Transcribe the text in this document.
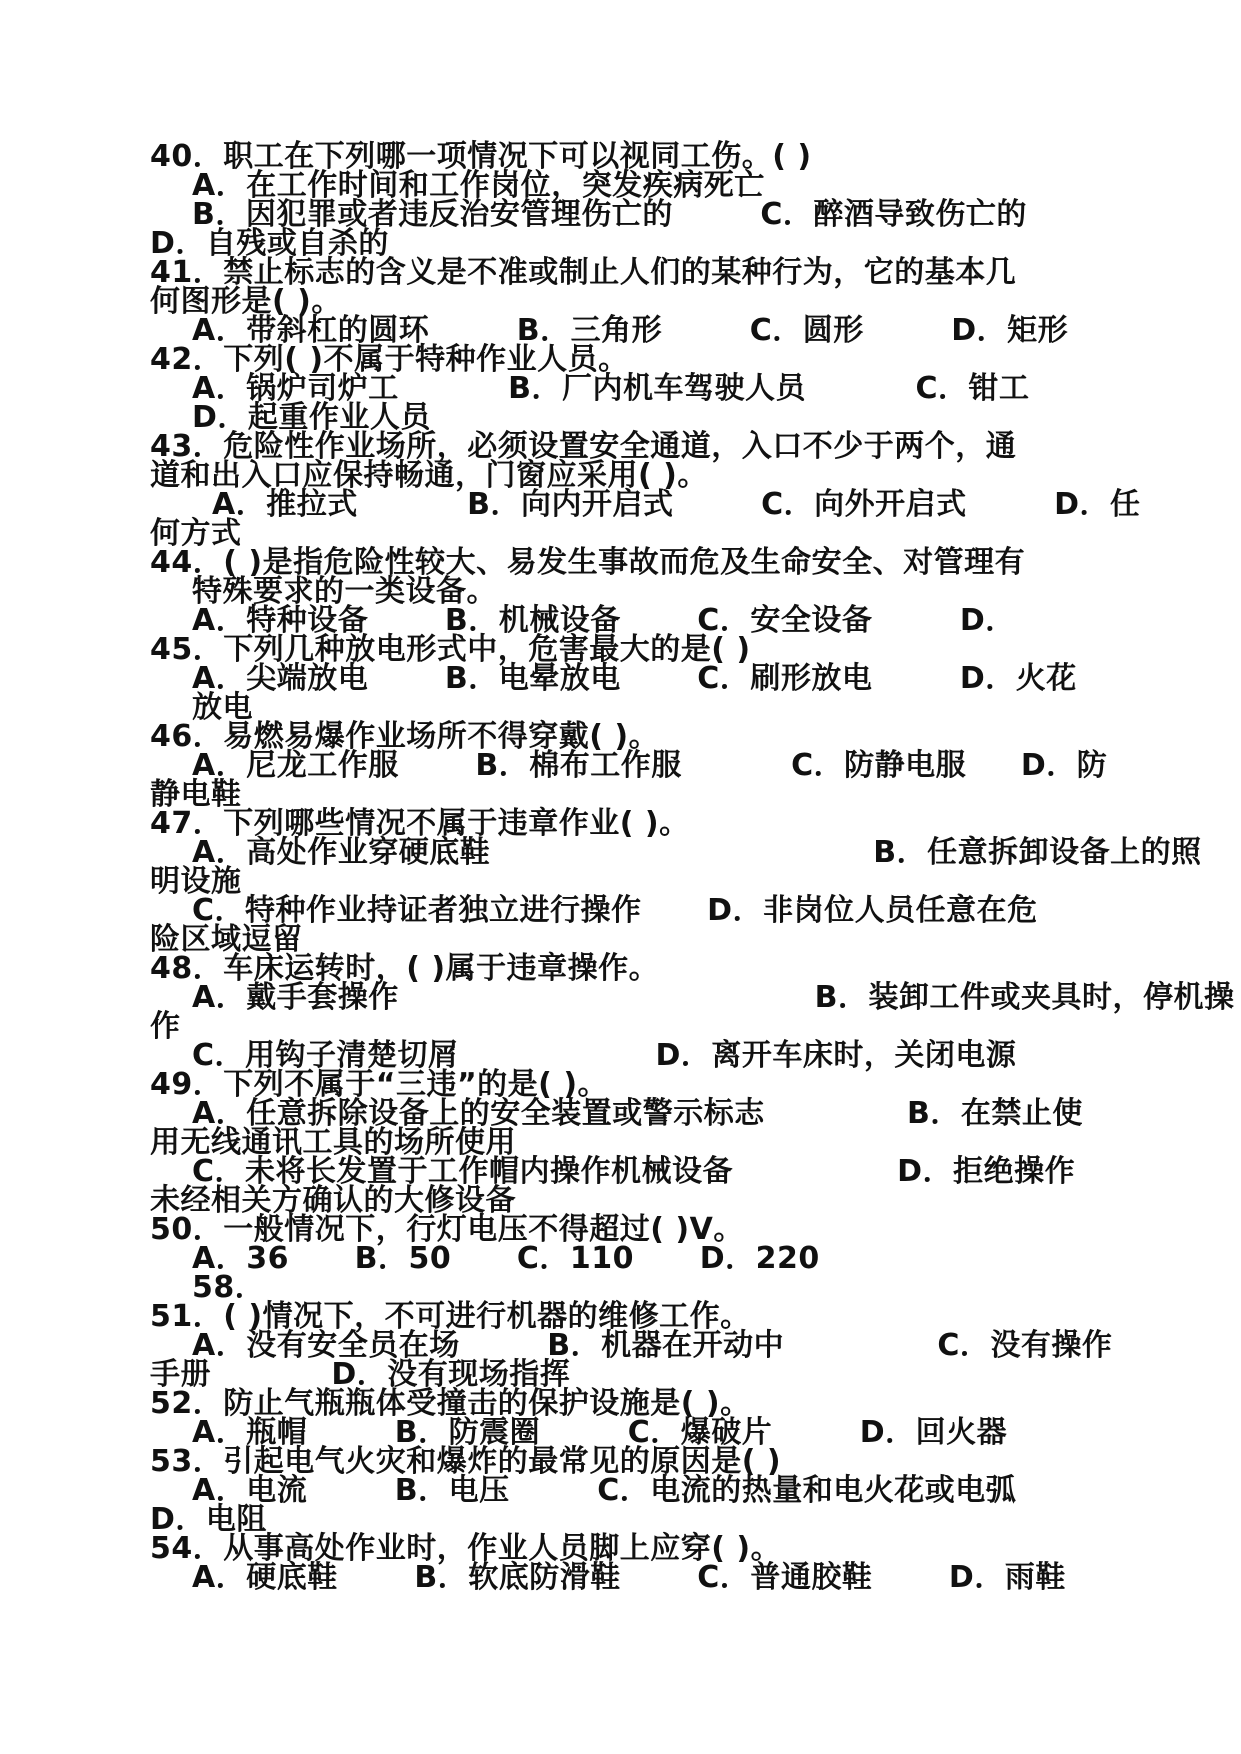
40．职工在下列哪一项情况下可以视同工伤。( )
A．在工作时间和工作岗位，突发疾病死亡
B．因犯罪或者违反治安管理伤亡的        C．醉酒导致伤亡的
D．自残或自杀的
41．禁止标志的含义是不准或制止人们的某种行为，它的基本几
何图形是( )。
A．带斜杠的圆环        B．三角形        C．圆形        D．矩形
42．下列( )不属于特种作业人员。
A．锅炉司炉工          B．厂内机车驾驶人员          C．钳工
D．起重作业人员
43．危险性作业场所，必须设置安全通道，入口不少于两个，通
道和出入口应保持畅通，门窗应采用( )。
A．推拉式          B．向内开启式        C．向外开启式        D．任
何方式
44．( )是指危险性较大、易发生事故而危及生命安全、对管理有
特殊要求的一类设备。
A．特种设备       B．机械设备       C．安全设备        D．
45．下列几种放电形式中，危害最大的是( )
A．尖端放电       B．电晕放电       C．刷形放电        D．火花
放电
46．易燃易爆作业场所不得穿戴( )。
A．尼龙工作服       B．棉布工作服          C．防静电服     D．防
静电鞋
47．下列哪些情况不属于违章作业( )。
A．高处作业穿硬底鞋                                   B．任意拆卸设备上的照
明设施
C．特种作业持证者独立进行操作      D．非岗位人员任意在危
险区域逗留
48．车床运转时，( )属于违章操作。
A．戴手套操作                                      B．装卸工件或夹具时，停机操
作
C．用钩子清楚切屑                  D．离开车床时，关闭电源
49．下列不属于“三违”的是( )。
A．任意拆除设备上的安全装置或警示标志             B．在禁止使
用无线通讯工具的场所使用
C．未将长发置于工作帽内操作机械设备               D．拒绝操作
未经相关方确认的大修设备
50．一般情况下，行灯电压不得超过( )V。
A．36      B．50      C．110      D．220
58．
51．( )情况下，不可进行机器的维修工作。
A．没有安全员在场        B．机器在开动中              C．没有操作
手册           D．没有现场指挥
52．防止气瓶瓶体受撞击的保护设施是( )。
A．瓶帽        B．防震圈        C．爆破片        D．回火器
53．引起电气火灾和爆炸的最常见的原因是( )
A．电流        B．电压        C．电流的热量和电火花或电弧
D．电阻
54．从事高处作业时，作业人员脚上应穿( )。
A．硬底鞋       B．软底防滑鞋       C．普通胶鞋       D．雨鞋
